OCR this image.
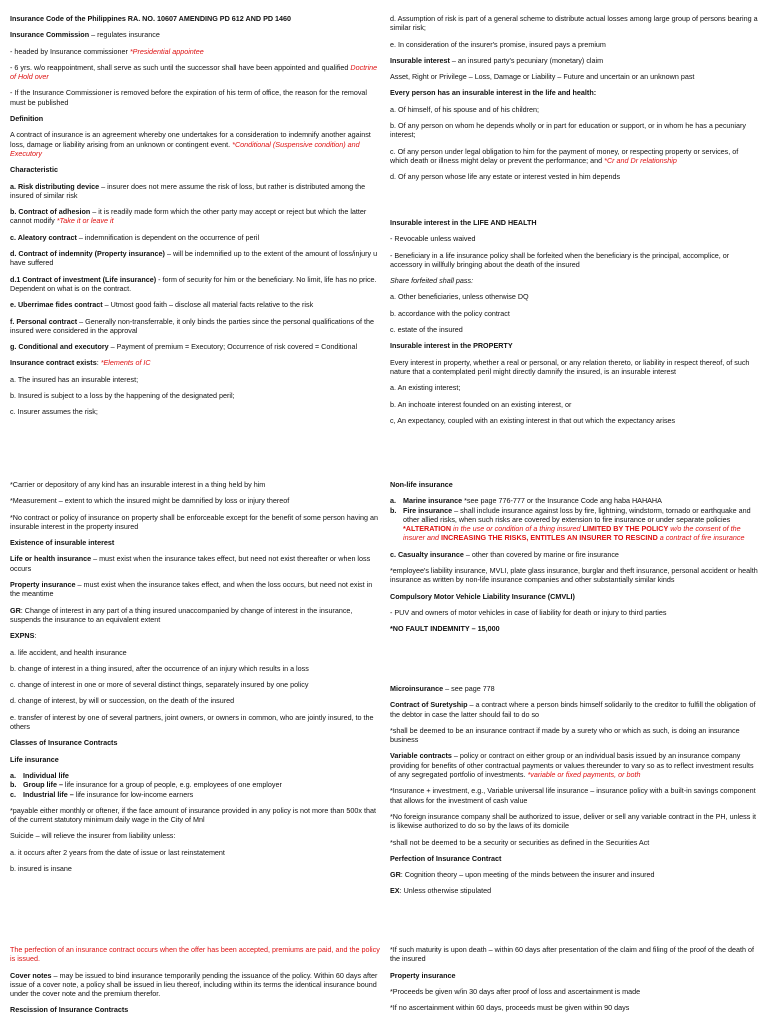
Insurance Code of the Philippines RA. NO. 10607 AMENDING PD 612 AND PD 1460

Insurance Commission – regulates insurance

- headed by Insurance commissioner *Presidential appointee

- 6 yrs. w/o reappointment, shall serve as such until the successor shall have been appointed and qualified Doctrine of Hold over

- If the Insurance Commissioner is removed before the expiration of his term of office, the reason for the removal must be published

Definition

A contract of insurance is an agreement whereby one undertakes for a consideration to indemnify another against loss, damage or liability arising from an unknown or contingent event. *Conditional (Suspensive condition) and Executory

Characteristic

a. Risk distributing device – insurer does not mere assume the risk of loss, but rather is distributed among the insured of similar risk

b. Contract of adhesion – it is readily made form which the other party may accept or reject but which the latter cannot modify *Take it or leave it

c. Aleatory contract – indemnification is dependent on the occurrence of peril

d. Contract of indemnity (Property insurance) – will be indemnified up to the extent of the amount of loss/injury u have suffered

d.1 Contract of investment (Life insurance) - form of security for him or the beneficiary. No limit, life has no price. Dependent on what is on the contract.

e. Uberrimae fides contract – Utmost good faith – disclose all material facts relative to the risk

f. Personal contract – Generally non-transferrable, it only binds the parties since the personal qualifications of the insured were considered in the approval

g. Conditional and executory – Payment of premium = Executory; Occurrence of risk covered = Conditional

Insurance contract exists: *Elements of IC

a. The insured has an insurable interest;

b. Insured is subject to a loss by the happening of the designated peril;

c. Insurer assumes the risk;

*Carrier or depository of any kind has an insurable interest in a thing held by him

*Measurement – extent to which the insured might be damnified by loss or injury thereof

*No contract or policy of insurance on property shall be enforceable except for the benefit of some person having an insurable interest in the property insured

Existence of insurable interest

Life or health insurance – must exist when the insurance takes effect, but need not exist thereafter or when loss occurs

Property insurance – must exist when the insurance takes effect, and when the loss occurs, but need not exist in the meantime

GR: Change of interest in any part of a thing insured unaccompanied by change of interest in the insurance, suspends the insurance to an equivalent extent

EXPNS:

a. life accident, and health insurance

b. change of interest in a thing insured, after the occurrence of an injury which results in a loss

c. change of interest in one or more of several distinct things, separately insured by one policy

d. change of interest, by will or succession, on the death of the insured

e. transfer of interest by one of several partners, joint owners, or owners in common, who are jointly insured, to the others

Classes of Insurance Contracts

Life insurance

a. Individual life
b. Group life – life insurance for a group of people, e.g. employees of one employer
c. Industrial life – life insurance for low-income earners

*payable either monthly or oftener, if the face amount of insurance provided in any policy is not more than 500x that of the current statutory minimum daily wage in the City of Mnl

Suicide – will relieve the insurer from liability unless:

a. it occurs after 2 years from the date of issue or last reinstatement

b. insured is insane

The perfection of an insurance contract occurs when the offer has been accepted, premiums are paid, and the policy is issued.

Cover notes – may be issued to bind insurance temporarily pending the issuance of the policy. Within 60 days after issue of a cover note, a policy shall be issued in lieu thereof, including within its terms the identical insurance bound under the cover note and the premium therefor.

Rescission of Insurance Contracts

d. Assumption of risk is part of a general scheme to distribute actual losses among large group of persons bearing a similar risk;

e. In consideration of the insurer's promise, insured pays a premium

Insurable interest – an insured party's pecuniary (monetary) claim

Asset, Right or Privilege – Loss, Damage or Liability – Future and uncertain or an unknown past

Every person has an insurable interest in the life and health:

a. Of himself, of his spouse and of his children;

b. Of any person on whom he depends wholly or in part for education or support, or in whom he has a pecuniary interest;

c. Of any person under legal obligation to him for the payment of money, or respecting property or services, of which death or illness might delay or prevent the performance; and *Cr and Dr relationship

d. Of any person whose life any estate or interest vested in him depends

Insurable interest in the LIFE AND HEALTH

- Revocable unless waived

- Beneficiary in a life insurance policy shall be forfeited when the beneficiary is the principal, accomplice, or accessory in willfully bringing about the death of the insured

Share forfeited shall pass:

a. Other beneficiaries, unless otherwise DQ

b. accordance with the policy contract

c. estate of the insured

Insurable interest in the PROPERTY

Every interest in property, whether a real or personal, or any relation thereto, or liability in respect thereof, of such nature that a contemplated peril might directly damnify the insured, is an insurable interest

a. An existing interest;

b. An inchoate interest founded on an existing interest, or

c, An expectancy, coupled with an existing interest in that out which the expectancy arises

Non-life insurance

a. Marine insurance *see page 776-777 or the Insurance Code ang haba HAHAHA
b. Fire insurance – shall include insurance against loss by fire, lightning, windstorm, tornado or earthquake and other allied risks, when such risks are covered by extension to fire insurance or under separate policies

*ALTERATION in the use or condition of a thing insured LIMITED BY THE POLICY w/o the consent of the insurer and INCREASING THE RISKS, ENTITLES AN INSURER TO RESCIND a contract of fire insurance

c. Casualty insurance – other than covered by marine or fire insurance

*employee's liability insurance, MVLI, plate glass insurance, burglar and theft insurance, personal accident or health insurance as written by non-life insurance companies and other substantially similar kinds

Compulsory Motor Vehicle Liability Insurance (CMVLI)

- PUV and owners of motor vehicles in case of liability for death or injury to third parties

*NO FAULT INDEMNITY – 15,000

Microinsurance – see page 778

Contract of Suretyship – a contract where a person binds himself solidarily to the creditor to fulfill the obligation of the debtor in case the latter should fail to do so

*shall be deemed to be an insurance contract if made by a surety who or which as such, is doing an insurance business

Variable contracts – policy or contract on either group or an individual basis issued by an insurance company providing for benefits of other contractual payments or values thereunder to vary so as to reflect investment results of any segregated portfolio of investments. *variable or fixed payments, or both

*Insurance + investment, e.g., Variable universal life insurance – insurance policy with a built-in savings component that allows for the investment of cash value

*No foreign insurance company shall be authorized to issue, deliver or sell any variable contract in the PH, unless it is likewise authorized to do so by the laws of its domicile

*shall not be deemed to be a security or securities as defined in the Securities Act

Perfection of Insurance Contract

GR: Cognition theory – upon meeting of the minds between the insurer and insured

EX: Unless otherwise stipulated

*If such maturity is upon death – within 60 days after presentation of the claim and filing of the proof of the death of the insured

Property insurance

*Proceeds be given w/in 30 days after proof of loss and ascertainment is made

*If no ascertainment within 60 days, proceeds must be given within 90 days
